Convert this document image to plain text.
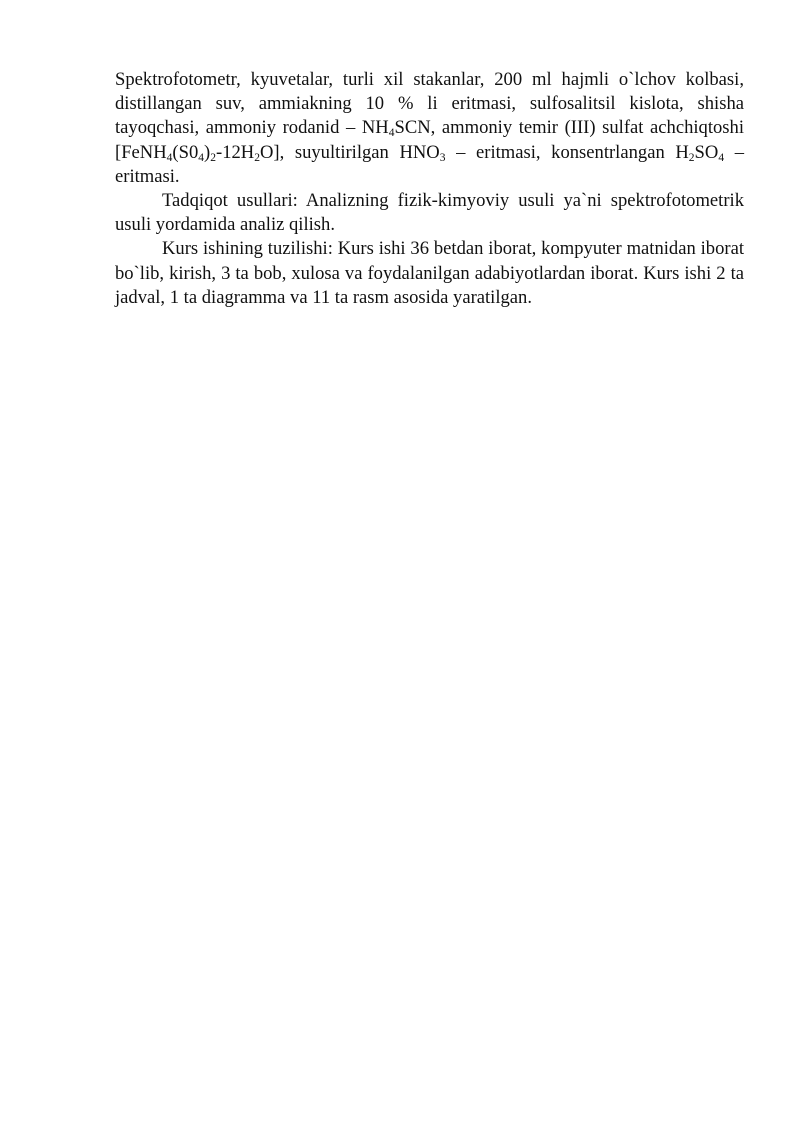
Spektrofotometr, kyuvetalar, turli xil stakanlar, 200 ml hajmli o`lchov kolbasi, distillangan suv, ammiakning 10 % li eritmasi, sulfosalitsil kislota, shisha tayoqchasi, ammoniy rodanid – $NH_4SCN$, ammoniy temir (III) sulfat achchiqtoshi $[FeNH_4(S0_4)_2-12H_2O]$, suyultirilgan $HNO_3$ – eritmasi, konsentrlangan $H_2SO_4$ – eritmasi.

Tadqiqot usullari: Analizning fizik-kimyoviy usuli ya`ni spektrofotometrik usuli yordamida analiz qilish.

Kurs ishining tuzilishi: Kurs ishi 36 betdan iborat, kompyuter matnidan iborat bo`lib, kirish, 3 ta bob, xulosa va foydalanilgan adabiyotlardan iborat. Kurs ishi 2 ta jadval, 1 ta diagramma va 11 ta rasm asosida yaratilgan.
